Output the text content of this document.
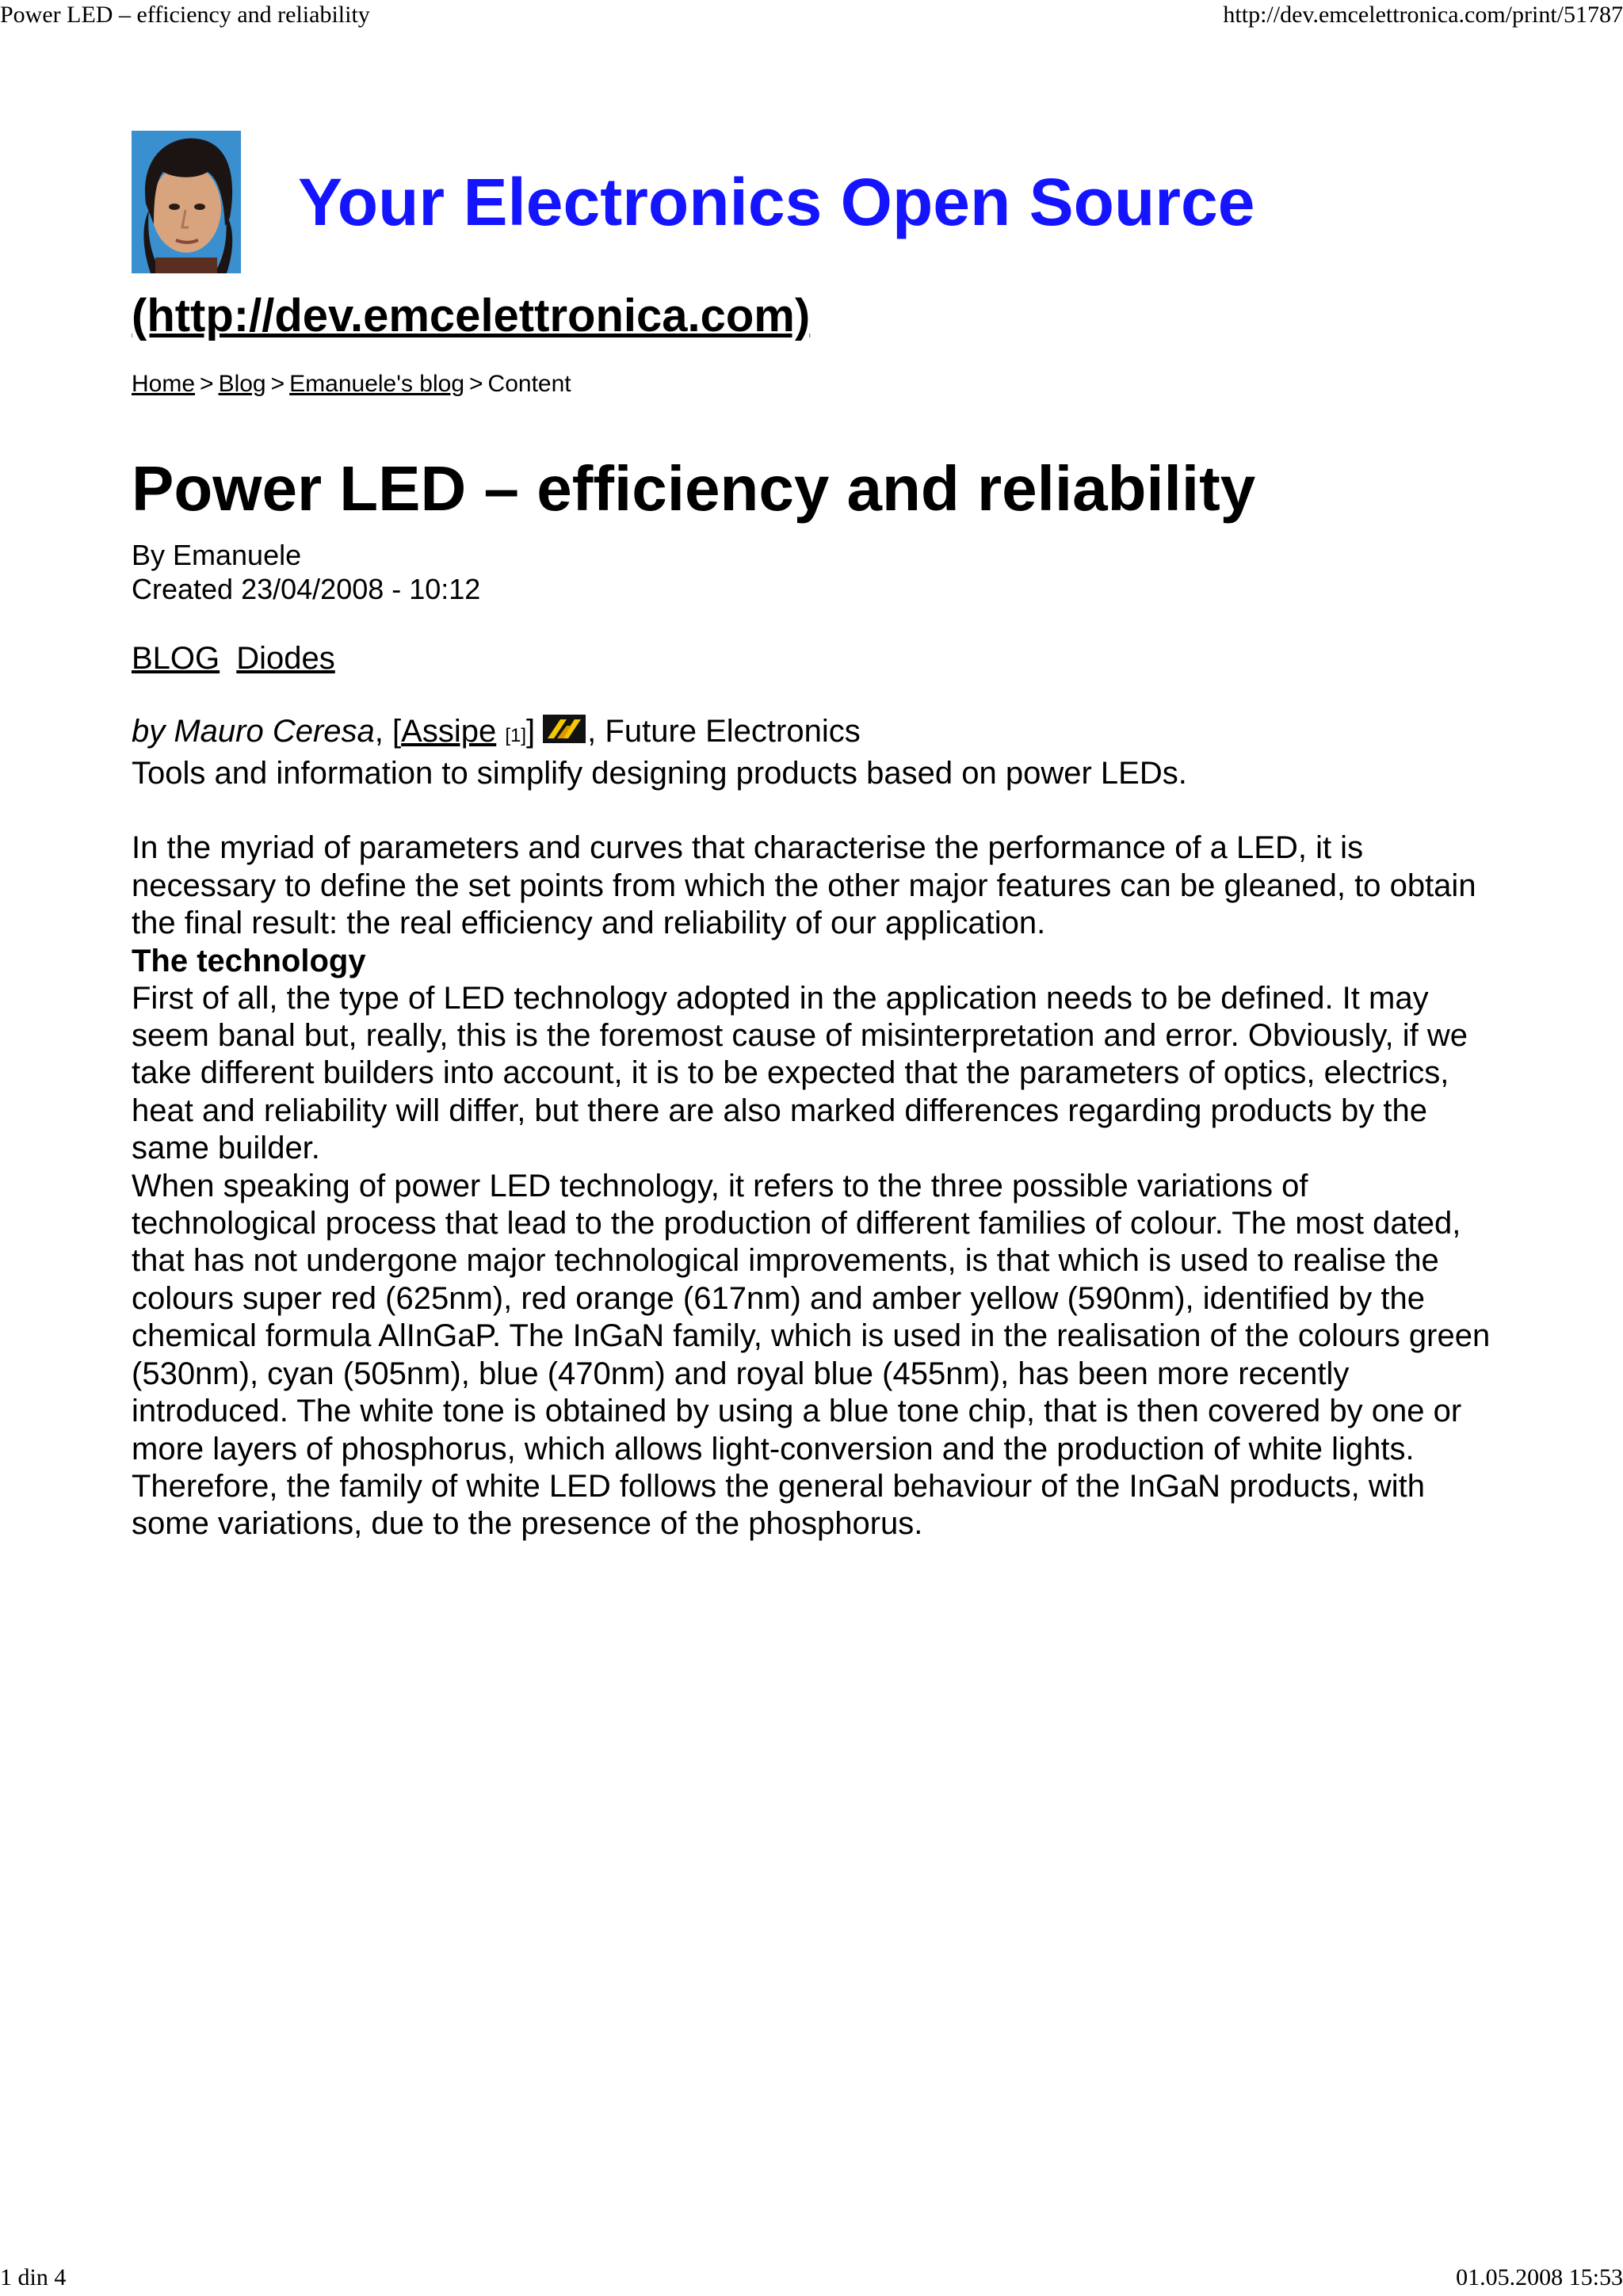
Power LED – efficiency and reliability	http://dev.emcelettronica.com/print/51787
Your Electronics Open Source
(http://dev.emcelettronica.com)
Home > Blog > Emanuele's blog > Content
Power LED – efficiency and reliability
By Emanuele
Created 23/04/2008 - 10:12
BLOG Diodes
by Mauro Ceresa, [Assipe [1]] , Future Electronics
Tools and information to simplify designing products based on power LEDs.
In the myriad of parameters and curves that characterise the performance of a LED, it is necessary to define the set points from which the other major features can be gleaned, to obtain the final result: the real efficiency and reliability of our application.
The technology
First of all, the type of LED technology adopted in the application needs to be defined. It may seem banal but, really, this is the foremost cause of misinterpretation and error. Obviously, if we take different builders into account, it is to be expected that the parameters of optics, electrics, heat and reliability will differ, but there are also marked differences regarding products by the same builder.
When speaking of power LED technology, it refers to the three possible variations of technological process that lead to the production of different families of colour. The most dated, that has not undergone major technological improvements, is that which is used to realise the colours super red (625nm), red orange (617nm) and amber yellow (590nm), identified by the chemical formula AlInGaP. The InGaN family, which is used in the realisation of the colours green (530nm), cyan (505nm), blue (470nm) and royal blue (455nm), has been more recently introduced. The white tone is obtained by using a blue tone chip, that is then covered by one or more layers of phosphorus, which allows light-conversion and the production of white lights. Therefore, the family of white LED follows the general behaviour of the InGaN products, with some variations, due to the presence of the phosphorus.
1 din 4	01.05.2008 15:53
